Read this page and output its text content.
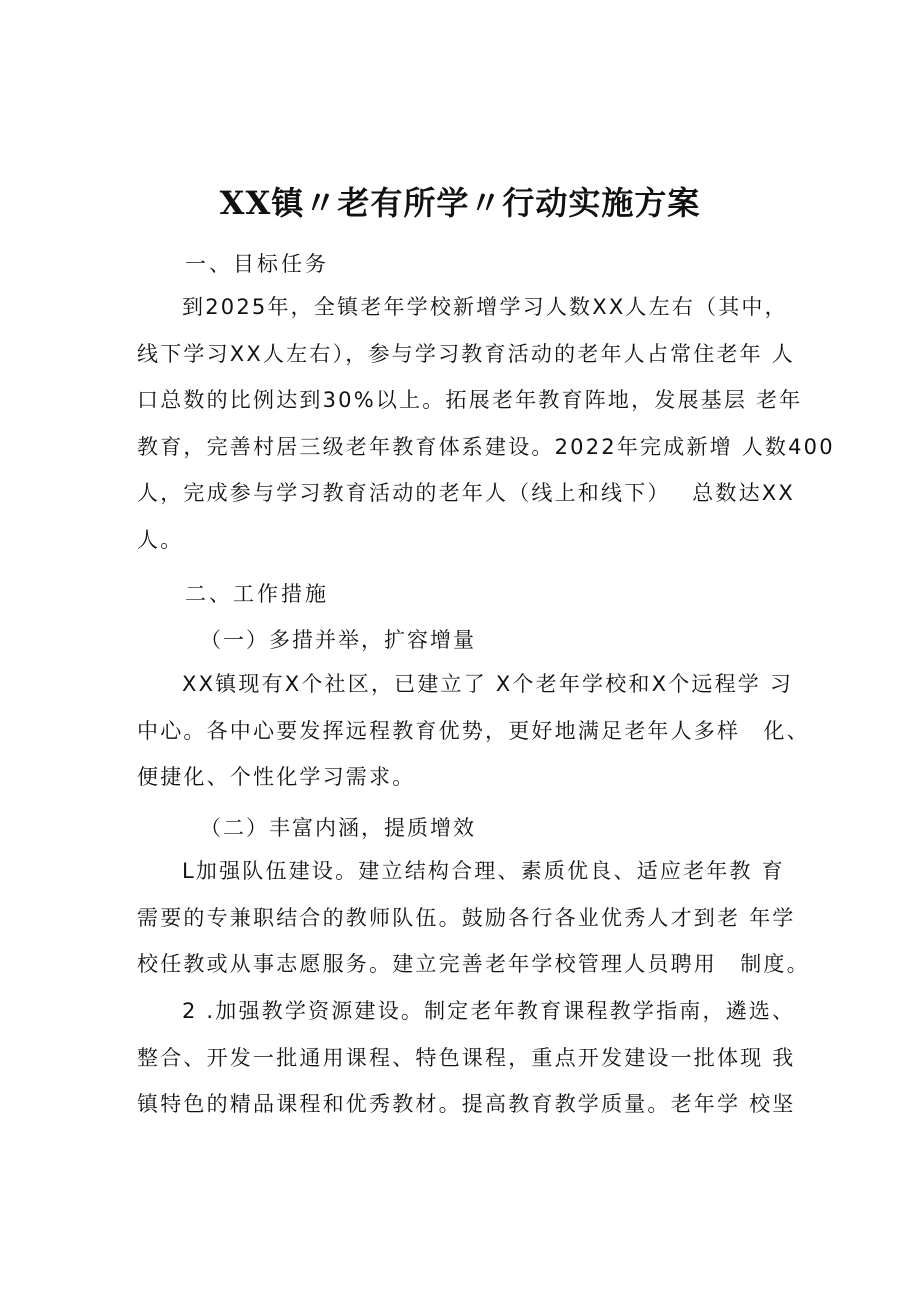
XX镇〃老有所学〃行动实施方案
一、目标任务
到2025年，全镇老年学校新增学习人数XX人左右（其中，
线下学习XX人左右），参与学习教育活动的老年人占常住老年 人
口总数的比例达到30%以上。拓展老年教育阵地，发展基层 老年
教育，完善村居三级老年教育体系建设。2022年完成新增 人数400
人，完成参与学习教育活动的老年人（线上和线下）　 总数达XX
人。
二、工作措施
（一）多措并举，扩容增量
XX镇现有X个社区，已建立了 X个老年学校和X个远程学 习
中心。各中心要发挥远程教育优势，更好地满足老年人多样　化、
便捷化、个性化学习需求。
（二）丰富内涵，提质增效
L加强队伍建设。建立结构合理、素质优良、适应老年教 育
需要的专兼职结合的教师队伍。鼓励各行各业优秀人才到老 年学
校任教或从事志愿服务。建立完善老年学校管理人员聘用　制度。
2 .加强教学资源建设。制定老年教育课程教学指南，遴选、
整合、开发一批通用课程、特色课程，重点开发建设一批体现 我
镇特色的精品课程和优秀教材。提高教育教学质量。老年学 校坚
